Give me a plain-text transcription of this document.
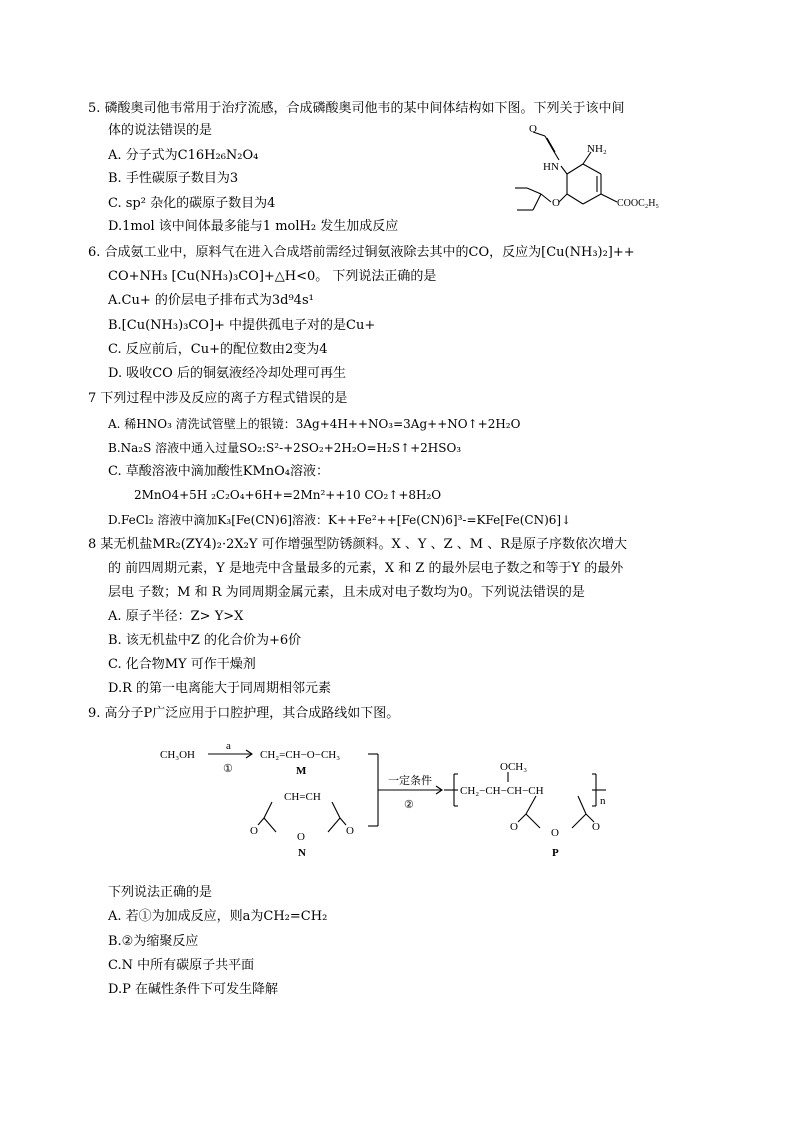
5. 磷酸奥司他韦常用于治疗流感，合成磷酸奥司他韦的某中间体结构如下图。下列关于该中间
体的说法错误的是
A. 分子式为C16H₂₆N₂O₄
B. 手性碳原子数目为3
C. sp² 杂化的碳原子数目为4
D.1mol 该中间体最多能与1 molH₂ 发生加成反应
O
HN
NH₂
O	COOC₂H₅
6. 合成氨工业中，原料气在进入合成塔前需经过铜氨液除去其中的CO，反应为[Cu(NH₃)₂]++
CO+NH₃ [Cu(NH₃)₃CO]+△H<0。 下列说法正确的是
A.Cu+ 的价层电子排布式为3d⁹4s¹
B.[Cu(NH₃)₃CO]+ 中提供孤电子对的是Cu+
C. 反应前后，Cu+的配位数由2变为4
D. 吸收CO 后的铜氨液经冷却处理可再生
7 下列过程中涉及反应的离子方程式错误的是
A. 稀HNO₃ 清洗试管壁上的银镜：3Ag+4H++NO₃=3Ag++NO↑+2H₂O
B.Na₂S 溶液中通入过量SO₂:S²-+2SO₂+2H₂O=H₂S↑+2HSO₃
C. 草酸溶液中滴加酸性KMnO₄溶液：
2MnO4+5H ₂C₂O₄+6H+=2Mn²++10 CO₂↑+8H₂O
D.FeCl₂ 溶液中滴加K₃[Fe(CN)6]溶液：K++Fe²++[Fe(CN)6]³-=KFe[Fe(CN)6]↓
8 某无机盐MR₂(ZY4)₂·2X₂Y 可作增强型防锈颜料。X 、Y 、Z 、M 、R是原子序数依次增大
的 前四周期元素，Y 是地壳中含量最多的元素，X 和 Z 的最外层电子数之和等于Y 的最外
层电 子数；M 和 R 为同周期金属元素，且未成对电子数均为0。下列说法错误的是
A. 原子半径：Z> Y>X
B. 该无机盐中Z 的化合价为+6价
C. 化合物MY 可作干燥剂
D.R 的第一电离能大于同周期相邻元素
9. 高分子P广泛应用于口腔护理，其合成路线如下图。
CH₃OH
a
①
CH₂=CH−O−CH₃
M
CH=CH
O	O
O
N
一定条件
②
OCH₃
CH₂−CH−CH−CH
n
O	O
O
P
下列说法正确的是
A. 若①为加成反应，则a为CH₂=CH₂
B.②为缩聚反应
C.N 中所有碳原子共平面
D.P 在碱性条件下可发生降解
